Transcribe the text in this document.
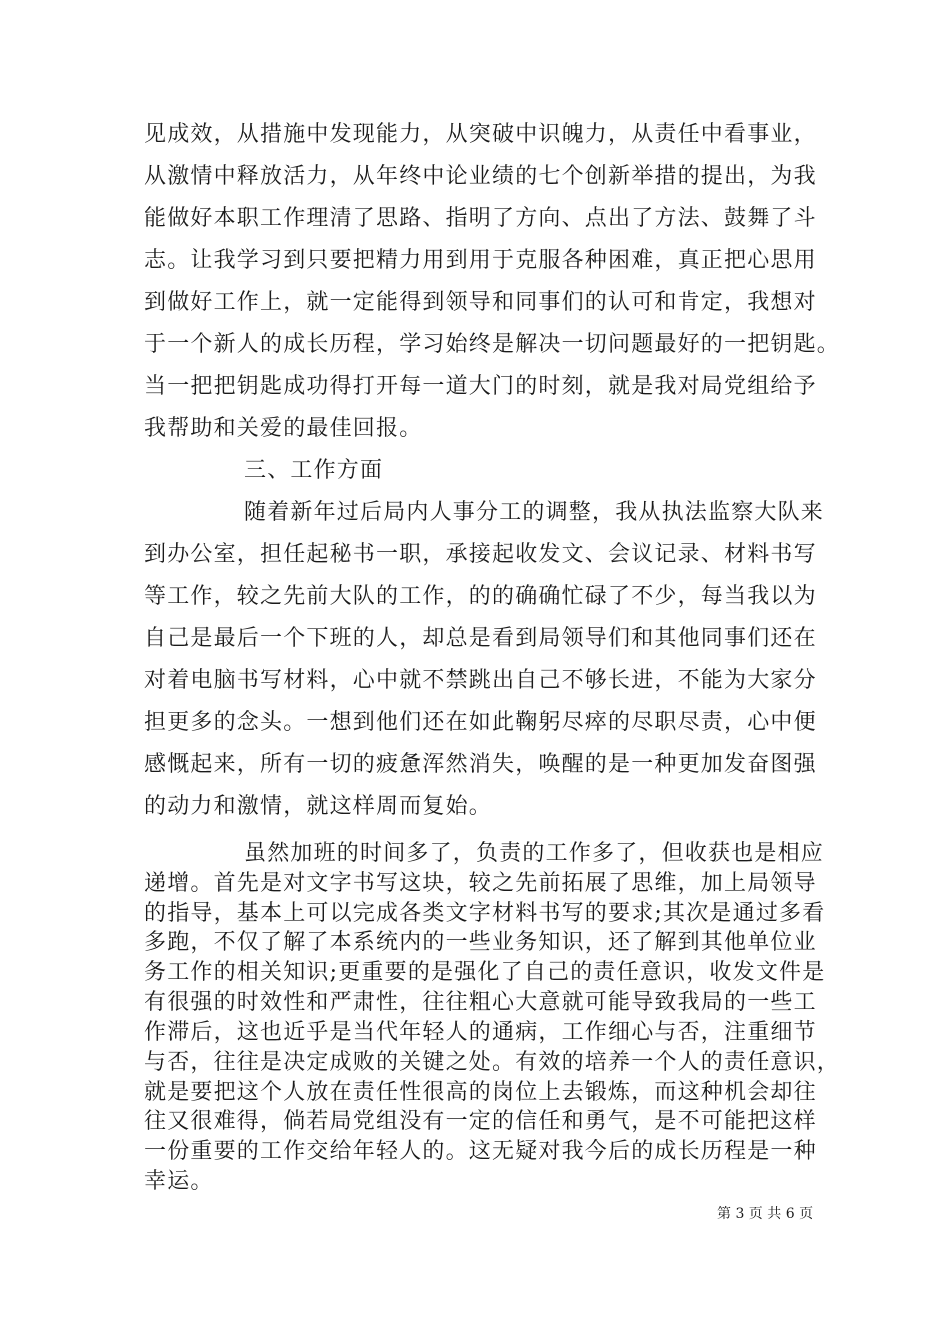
见成效，从措施中发现能力，从突破中识魄力，从责任中看事业，
从激情中释放活力，从年终中论业绩的七个创新举措的提出，为我
能做好本职工作理清了思路、指明了方向、点出了方法、鼓舞了斗
志。让我学习到只要把精力用到用于克服各种困难，真正把心思用
到做好工作上，就一定能得到领导和同事们的认可和肯定，我想对
于一个新人的成长历程，学习始终是解决一切问题最好的一把钥匙。
当一把把钥匙成功得打开每一道大门的时刻，就是我对局党组给予
我帮助和关爱的最佳回报。
三、工作方面
随着新年过后局内人事分工的调整，我从执法监察大队来
到办公室，担任起秘书一职，承接起收发文、会议记录、材料书写
等工作，较之先前大队的工作，的的确确忙碌了不少，每当我以为
自己是最后一个下班的人，却总是看到局领导们和其他同事们还在
对着电脑书写材料，心中就不禁跳出自己不够长进，不能为大家分
担更多的念头。一想到他们还在如此鞠躬尽瘁的尽职尽责，心中便
感慨起来，所有一切的疲惫浑然消失，唤醒的是一种更加发奋图强
的动力和激情，就这样周而复始。
虽然加班的时间多了，负责的工作多了，但收获也是相应
递增。首先是对文字书写这块，较之先前拓展了思维，加上局领导
的指导，基本上可以完成各类文字材料书写的要求;其次是通过多看
多跑，不仅了解了本系统内的一些业务知识，还了解到其他单位业
务工作的相关知识;更重要的是强化了自己的责任意识，收发文件是
有很强的时效性和严肃性，往往粗心大意就可能导致我局的一些工
作滞后，这也近乎是当代年轻人的通病，工作细心与否，注重细节
与否，往往是决定成败的关键之处。有效的培养一个人的责任意识，
就是要把这个人放在责任性很高的岗位上去锻炼，而这种机会却往
往又很难得，倘若局党组没有一定的信任和勇气，是不可能把这样
一份重要的工作交给年轻人的。这无疑对我今后的成长历程是一种
幸运。
第 3 页 共 6 页
